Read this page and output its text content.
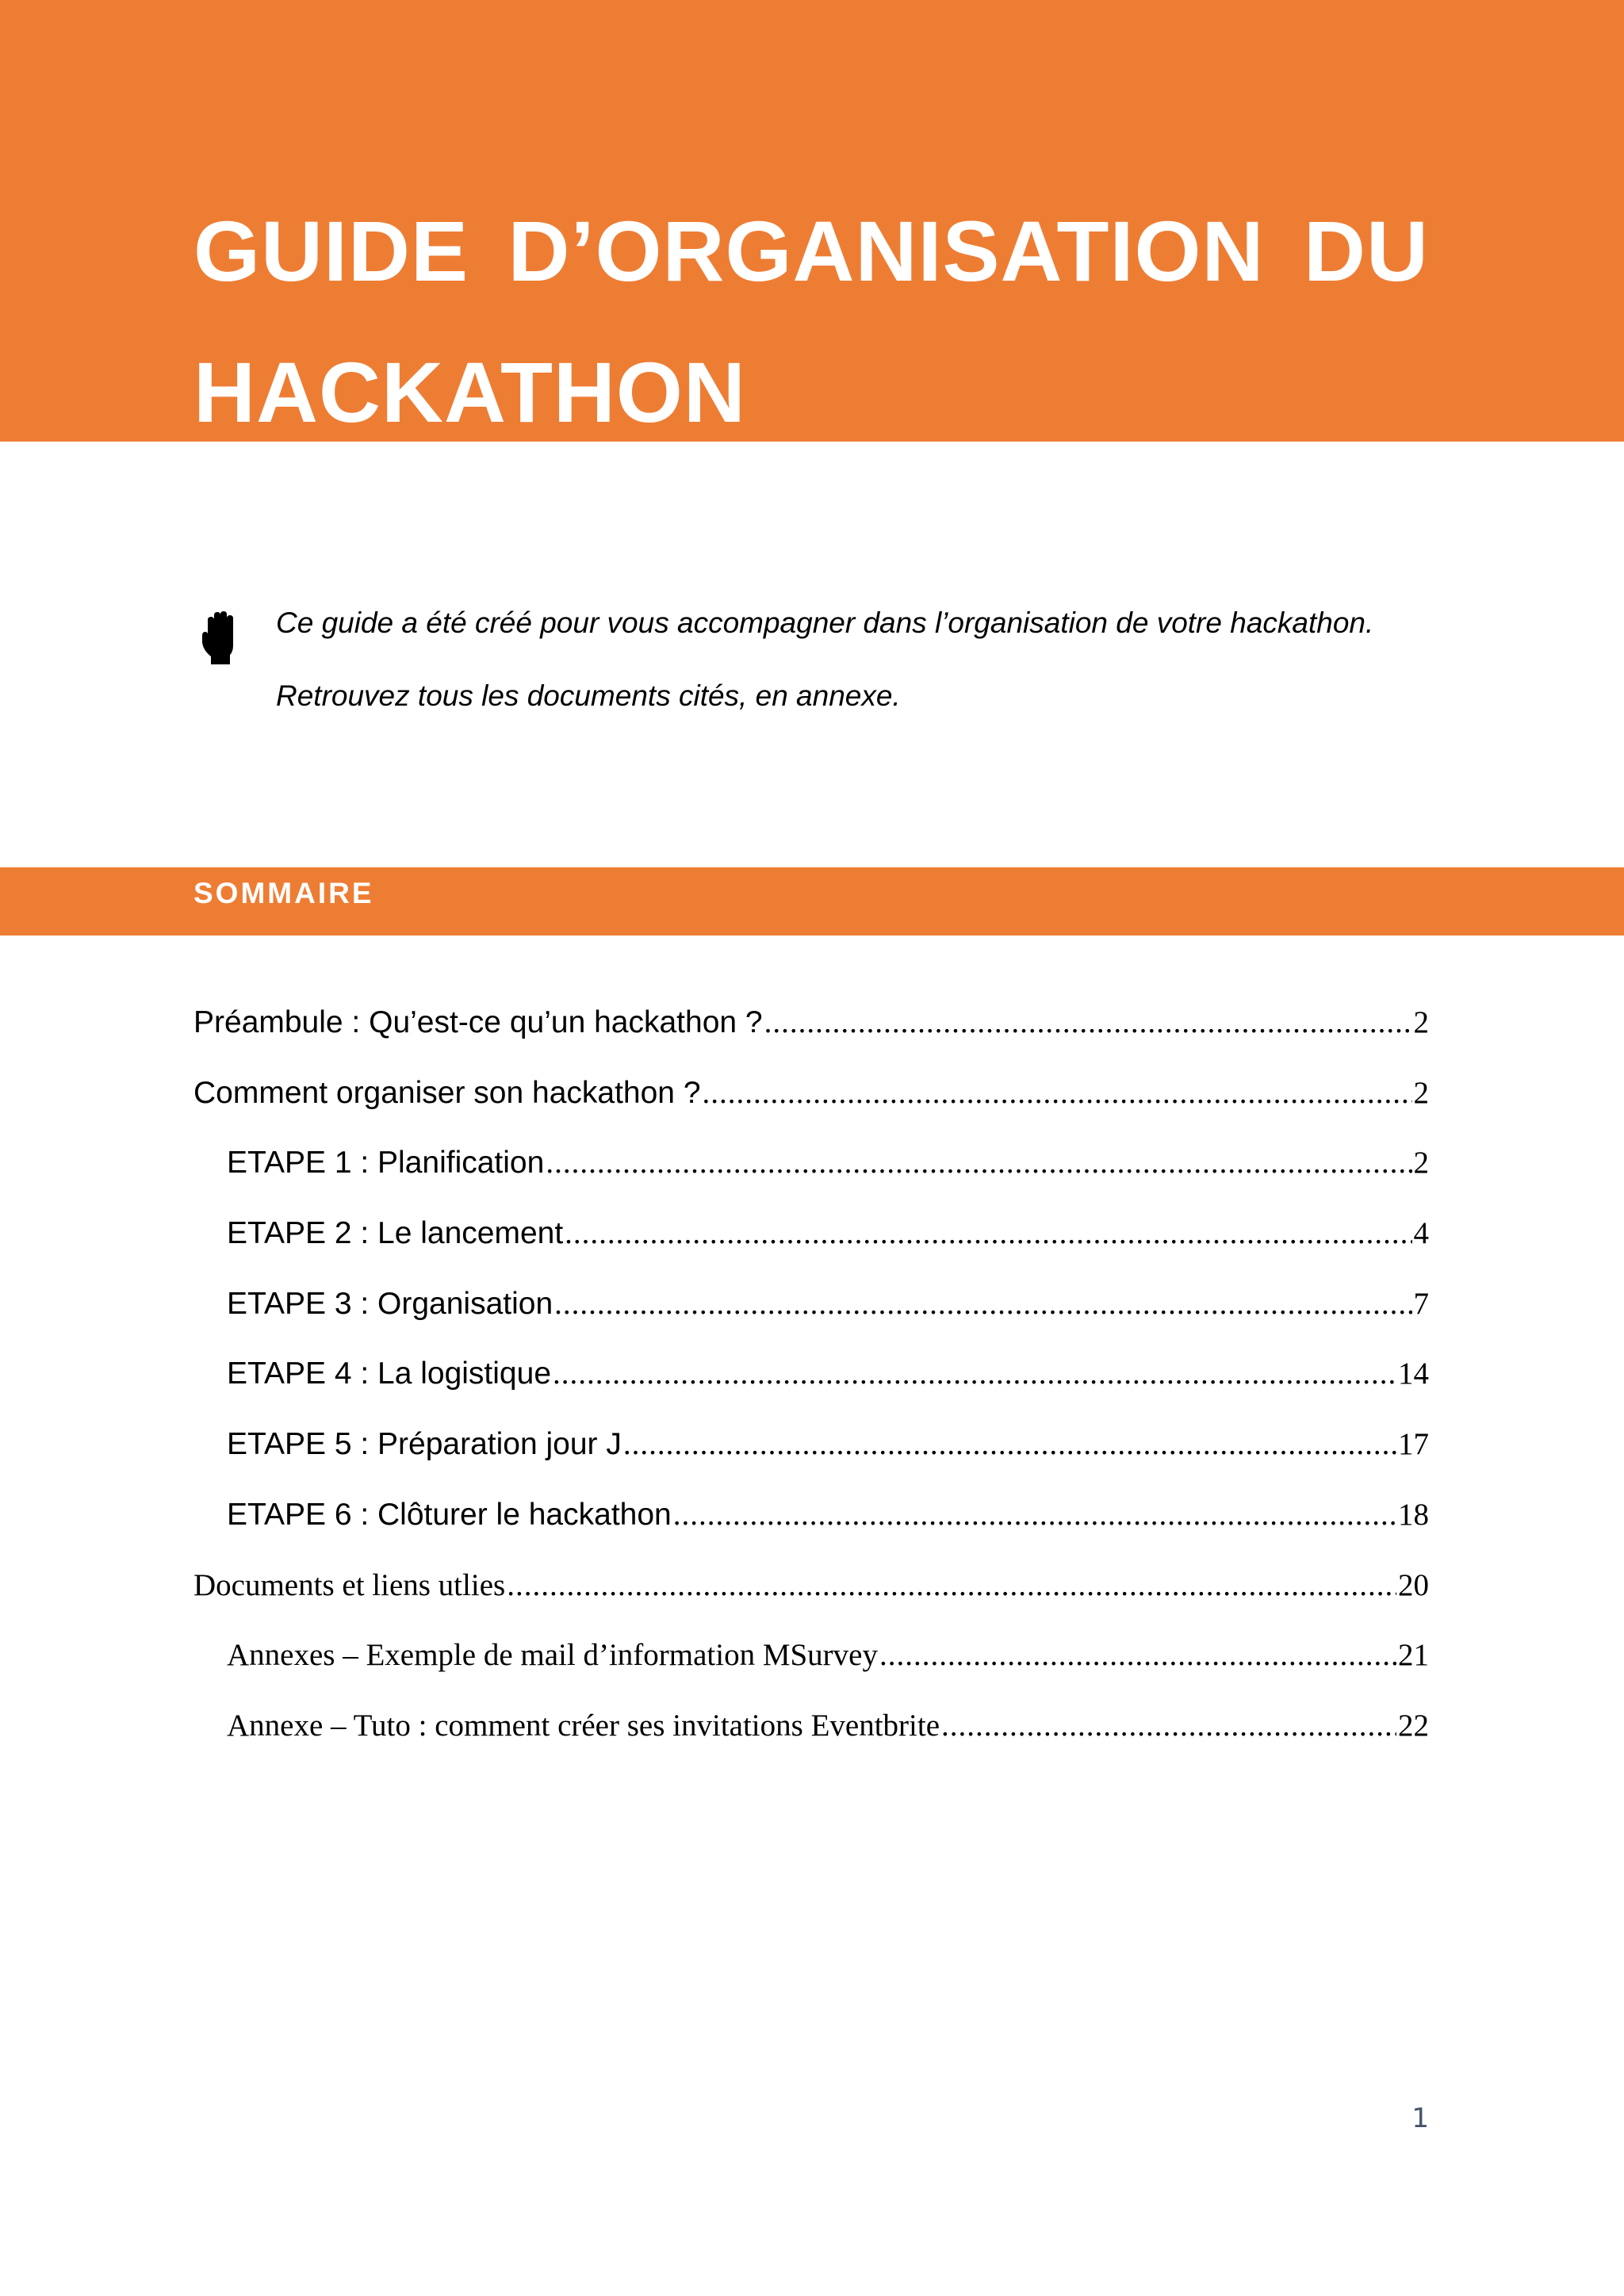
GUIDE D’ORGANISATION DU HACKATHON

Ce guide a été créé pour vous accompagner dans l’organisation de votre hackathon.

Retrouvez tous les documents cités, en annexe.

SOMMAIRE
Préambule : Qu’est-ce qu’un hackathon ? .....	2
Comment organiser son hackathon ? .....	2
ETAPE 1 : Planification .....	2
ETAPE 2 : Le lancement .....	4
ETAPE 3 : Organisation .....	7
ETAPE 4 : La logistique .....	14
ETAPE 5 : Préparation jour J .....	17
ETAPE 6 : Clôturer le hackathon .....	18
Documents et liens utlies .....	20
Annexes – Exemple de mail d’information MSurvey .....	21
Annexe – Tuto : comment créer ses invitations Eventbrite .....	22
1
